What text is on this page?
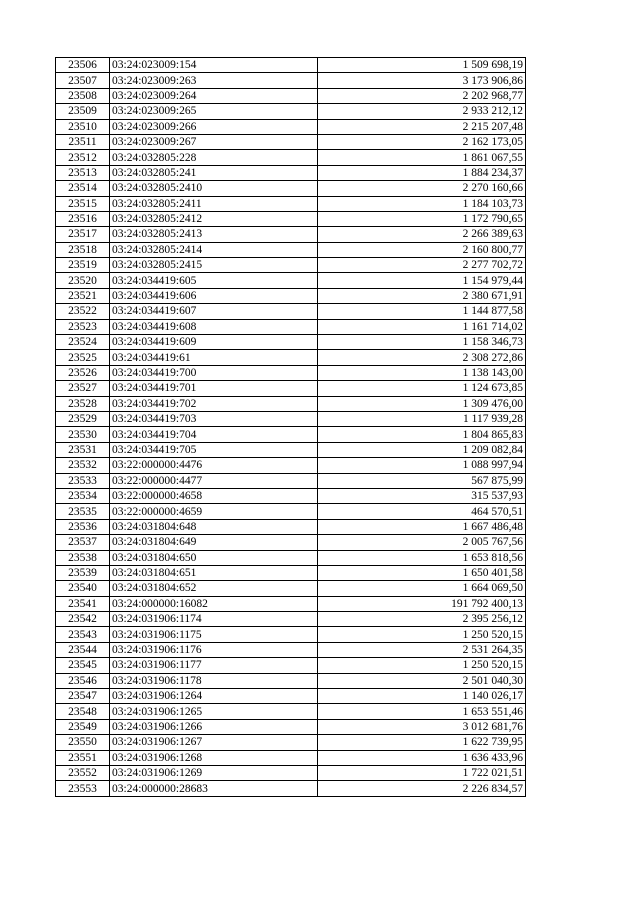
23506	03:24:023009:154	1 509 698,19
23507	03:24:023009:263	3 173 906,86
23508	03:24:023009:264	2 202 968,77
23509	03:24:023009:265	2 933 212,12
23510	03:24:023009:266	2 215 207,48
23511	03:24:023009:267	2 162 173,05
23512	03:24:032805:228	1 861 067,55
23513	03:24:032805:241	1 884 234,37
23514	03:24:032805:2410	2 270 160,66
23515	03:24:032805:2411	1 184 103,73
23516	03:24:032805:2412	1 172 790,65
23517	03:24:032805:2413	2 266 389,63
23518	03:24:032805:2414	2 160 800,77
23519	03:24:032805:2415	2 277 702,72
23520	03:24:034419:605	1 154 979,44
23521	03:24:034419:606	2 380 671,91
23522	03:24:034419:607	1 144 877,58
23523	03:24:034419:608	1 161 714,02
23524	03:24:034419:609	1 158 346,73
23525	03:24:034419:61	2 308 272,86
23526	03:24:034419:700	1 138 143,00
23527	03:24:034419:701	1 124 673,85
23528	03:24:034419:702	1 309 476,00
23529	03:24:034419:703	1 117 939,28
23530	03:24:034419:704	1 804 865,83
23531	03:24:034419:705	1 209 082,84
23532	03:22:000000:4476	1 088 997,94
23533	03:22:000000:4477	567 875,99
23534	03:22:000000:4658	315 537,93
23535	03:22:000000:4659	464 570,51
23536	03:24:031804:648	1 667 486,48
23537	03:24:031804:649	2 005 767,56
23538	03:24:031804:650	1 653 818,56
23539	03:24:031804:651	1 650 401,58
23540	03:24:031804:652	1 664 069,50
23541	03:24:000000:16082	191 792 400,13
23542	03:24:031906:1174	2 395 256,12
23543	03:24:031906:1175	1 250 520,15
23544	03:24:031906:1176	2 531 264,35
23545	03:24:031906:1177	1 250 520,15
23546	03:24:031906:1178	2 501 040,30
23547	03:24:031906:1264	1 140 026,17
23548	03:24:031906:1265	1 653 551,46
23549	03:24:031906:1266	3 012 681,76
23550	03:24:031906:1267	1 622 739,95
23551	03:24:031906:1268	1 636 433,96
23552	03:24:031906:1269	1 722 021,51
23553	03:24:000000:28683	2 226 834,57
